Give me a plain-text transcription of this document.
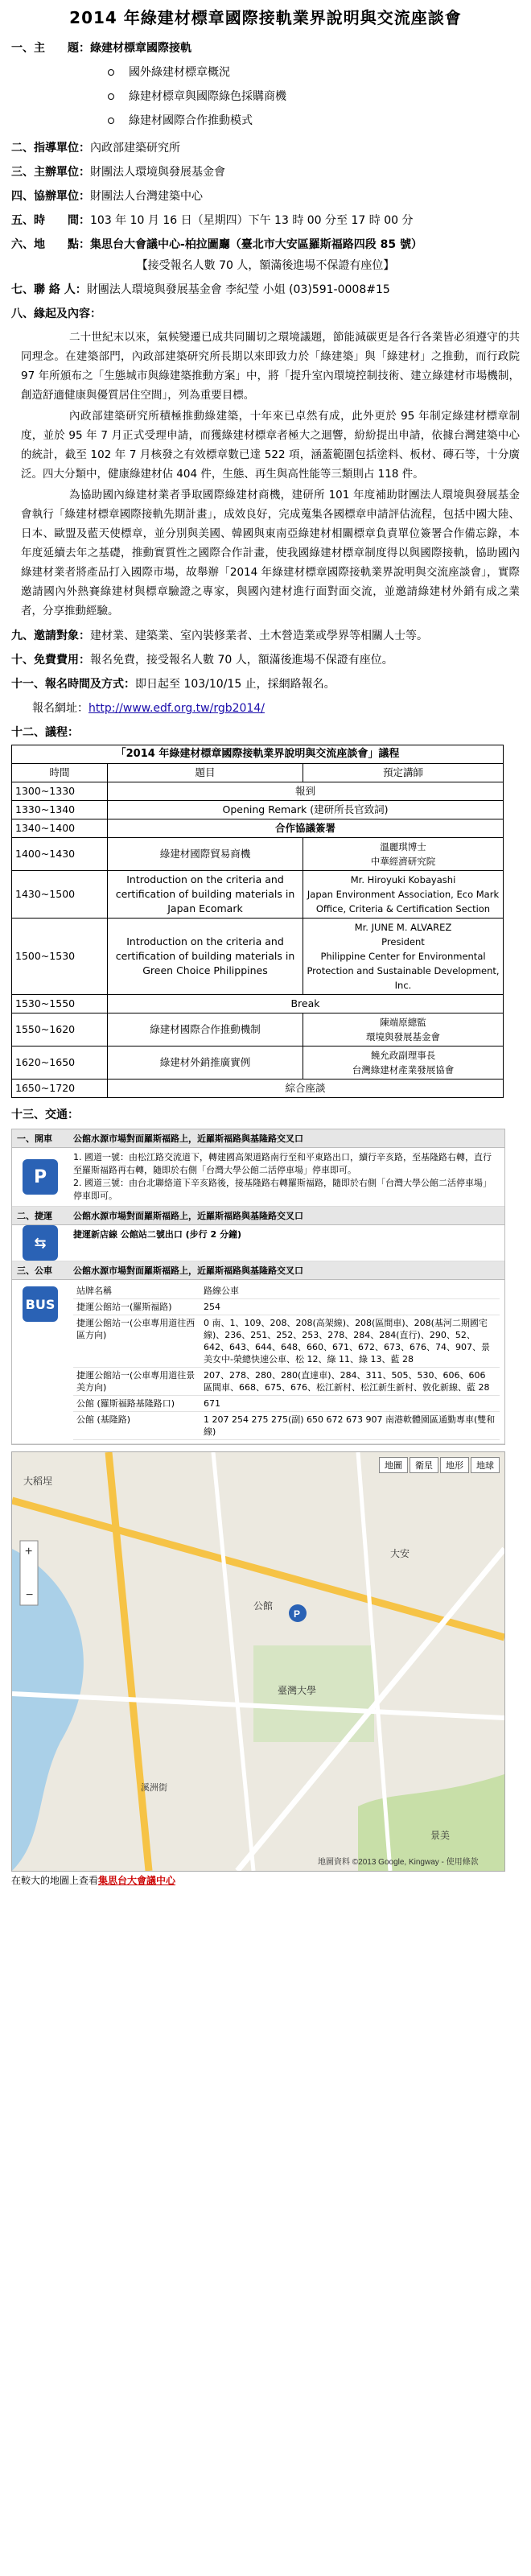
2014 年綠建材標章國際接軌業界說明與交流座談會
一、主　　題：綠建材標章國際接軌
國外綠建材標章概況
綠建材標章與國際綠色採購商機
綠建材國際合作推動模式
二、指導單位：內政部建築研究所
三、主辦單位：財團法人環境與發展基金會
四、協辦單位：財團法人台灣建築中心
五、時　　間：103 年 10 月 16 日（星期四）下午 13 時 00 分至 17 時 00 分
六、地　　點：集思台大會議中心-柏拉圖廳（臺北市大安區羅斯福路四段 85 號）
【接受報名人數 70 人，額滿後進場不保證有座位】
七、聯 絡 人：財團法人環境與發展基金會 李紀瑩 小姐 (03)591-0008#15
八、緣起及內容：

二十世紀末以來，氣候變遷已成共同關切之環境議題，節能減碳更是各行各業皆必須遵守的共同理念。在建築部門，內政部建築研究所長期以來即致力於「綠建築」與「綠建材」之推動，而行政院 97 年所頒布之「生態城市與綠建築推動方案」中，將「提升室內環境控制技術、建立綠建材市場機制，創造舒適健康與優質居住空間」，列為重要目標。

內政部建築研究所積極推動綠建築，十年來已卓然有成，此外更於 95 年制定綠建材標章制度，並於 95 年 7 月正式受理申請，而獲綠建材標章者極大之迴響，紛紛提出申請，依據台灣建築中心的統計，截至 102 年 7 月核發之有效標章數已達 522 項，涵蓋範圍包括塗料、板材、磚石等，十分廣泛。四大分類中，健康綠建材佔 404 件，生態、再生與高性能等三類則占 118 件。

為協助國內綠建材業者爭取國際綠建材商機，建研所 101 年度補助財團法人環境與發展基金會執行「綠建材標章國際接軌先期計畫」，成效良好，完成蒐集各國標章申請評估流程，包括中國大陸、日本、歐盟及藍天使標章，並分別與美國、韓國與東南亞綠建材相關標章負責單位簽署合作備忘錄，本年度延續去年之基礎，推動實質性之國際合作計畫，使我國綠建材標章制度得以與國際接軌，協助國內綠建材業者將產品打入國際市場，故舉辦「2014 年綠建材標章國際接軌業界說明與交流座談會」，實際邀請國內外熱賽綠建材與標章驗證之專家，與國內建材進行面對面交流，並邀請綠建材外銷有成之業者，分享推動經驗。

九、邀請對象：建材業、建築業、室內裝修業者、土木營造業或學界等相關人士等。
十、免費費用：報名免費，接受報名人數 70 人，額滿後進場不保證有座位。
十一、報名時間及方式：即日起至 103/10/15 止，採網路報名。
報名網址：http://www.edf.org.tw/rgb2014/
十二、議程：
「2014 年綠建材標章國際接軌業界說明與交流座談會」議程		
時間	題目	預定講師
1300~1330	報到	
1330~1340	Opening Remark (建研所長官致詞)	
1340~1400	合作協議簽署	
1400~1430	綠建材國際貿易商機	溫麗琪博士
中華經濟研究院
1430~1500	Introduction on the criteria and certification of building materials in Japan Ecomark	Mr. Hiroyuki Kobayashi
Japan Environment Association, Eco Mark Office, Criteria & Certification Section
1500~1530	Introduction on the criteria and certification of building materials in Green Choice Philippines	Mr. JUNE M. ALVAREZ
President
Philippine Center for Environmental Protection and Sustainable Development, Inc.
1530~1550	Break	
1550~1620	綠建材國際合作推動機制	陳端原總監
環境與發展基金會
1620~1650	綠建材外銷推廣實例	饒允政副理事長
台灣綠建材產業發展協會
1650~1720	綜合座談	
十三、交通：
一、開車 公館水源市場對面羅斯福路上，近羅斯福路與基隆路交叉口
P
1. 國道一號：由松江路交流道下，轉建國高架道路南行至和平東路出口，續行辛亥路，至基隆路右轉，直行至羅斯福路再右轉，隨即於右側「台灣大學公館二活停車場」停車即可。
2. 國道三號：由台北聯絡道下辛亥路後，接基隆路右轉羅斯福路，隨即於右側「台灣大學公館二活停車場」停車即可。
二、捷運 公館水源市場對面羅斯福路上，近羅斯福路與基隆路交叉口
⇆	捷運新店線 公館站二號出口 (步行 2 分鐘)
三、公車 公館水源市場對面羅斯福路上，近羅斯福路與基隆路交叉口
BUS
站牌名稱	路線公車
捷運公館站一(羅斯福路)	254
捷運公館站一(公車專用道往西區方向)	0 南、1、109、208、208(高架線)、208(區間車)、208(基河二期國宅線)、236、251、252、253、278、284、284(直行)、290、52、642、643、644、648、660、671、672、673、676、74、907、景美女中-榮總快速公車、松 12、綠 11、綠 13、藍 28
捷運公館站一(公車專用道往景美方向)	207、278、280、280(直達車)、284、311、505、530、606、606 區間車、668、675、676、松江新村、松江新生新村、敦化新線、藍 28
公館 (羅斯福路基隆路口)	671
公館 (基隆路)	1 207 254 275 275(副) 650 672 673 907 南港軟體園區通勤專車(雙和線)
P
大稻埕
大安
景美
溪洲街
公館
臺灣大學
+
−
地圖資料 ©2013 Google, Kingway - 使用條款
地圖	衛星	地形	地球
在較大的地圖上查看集思台大會議中心
